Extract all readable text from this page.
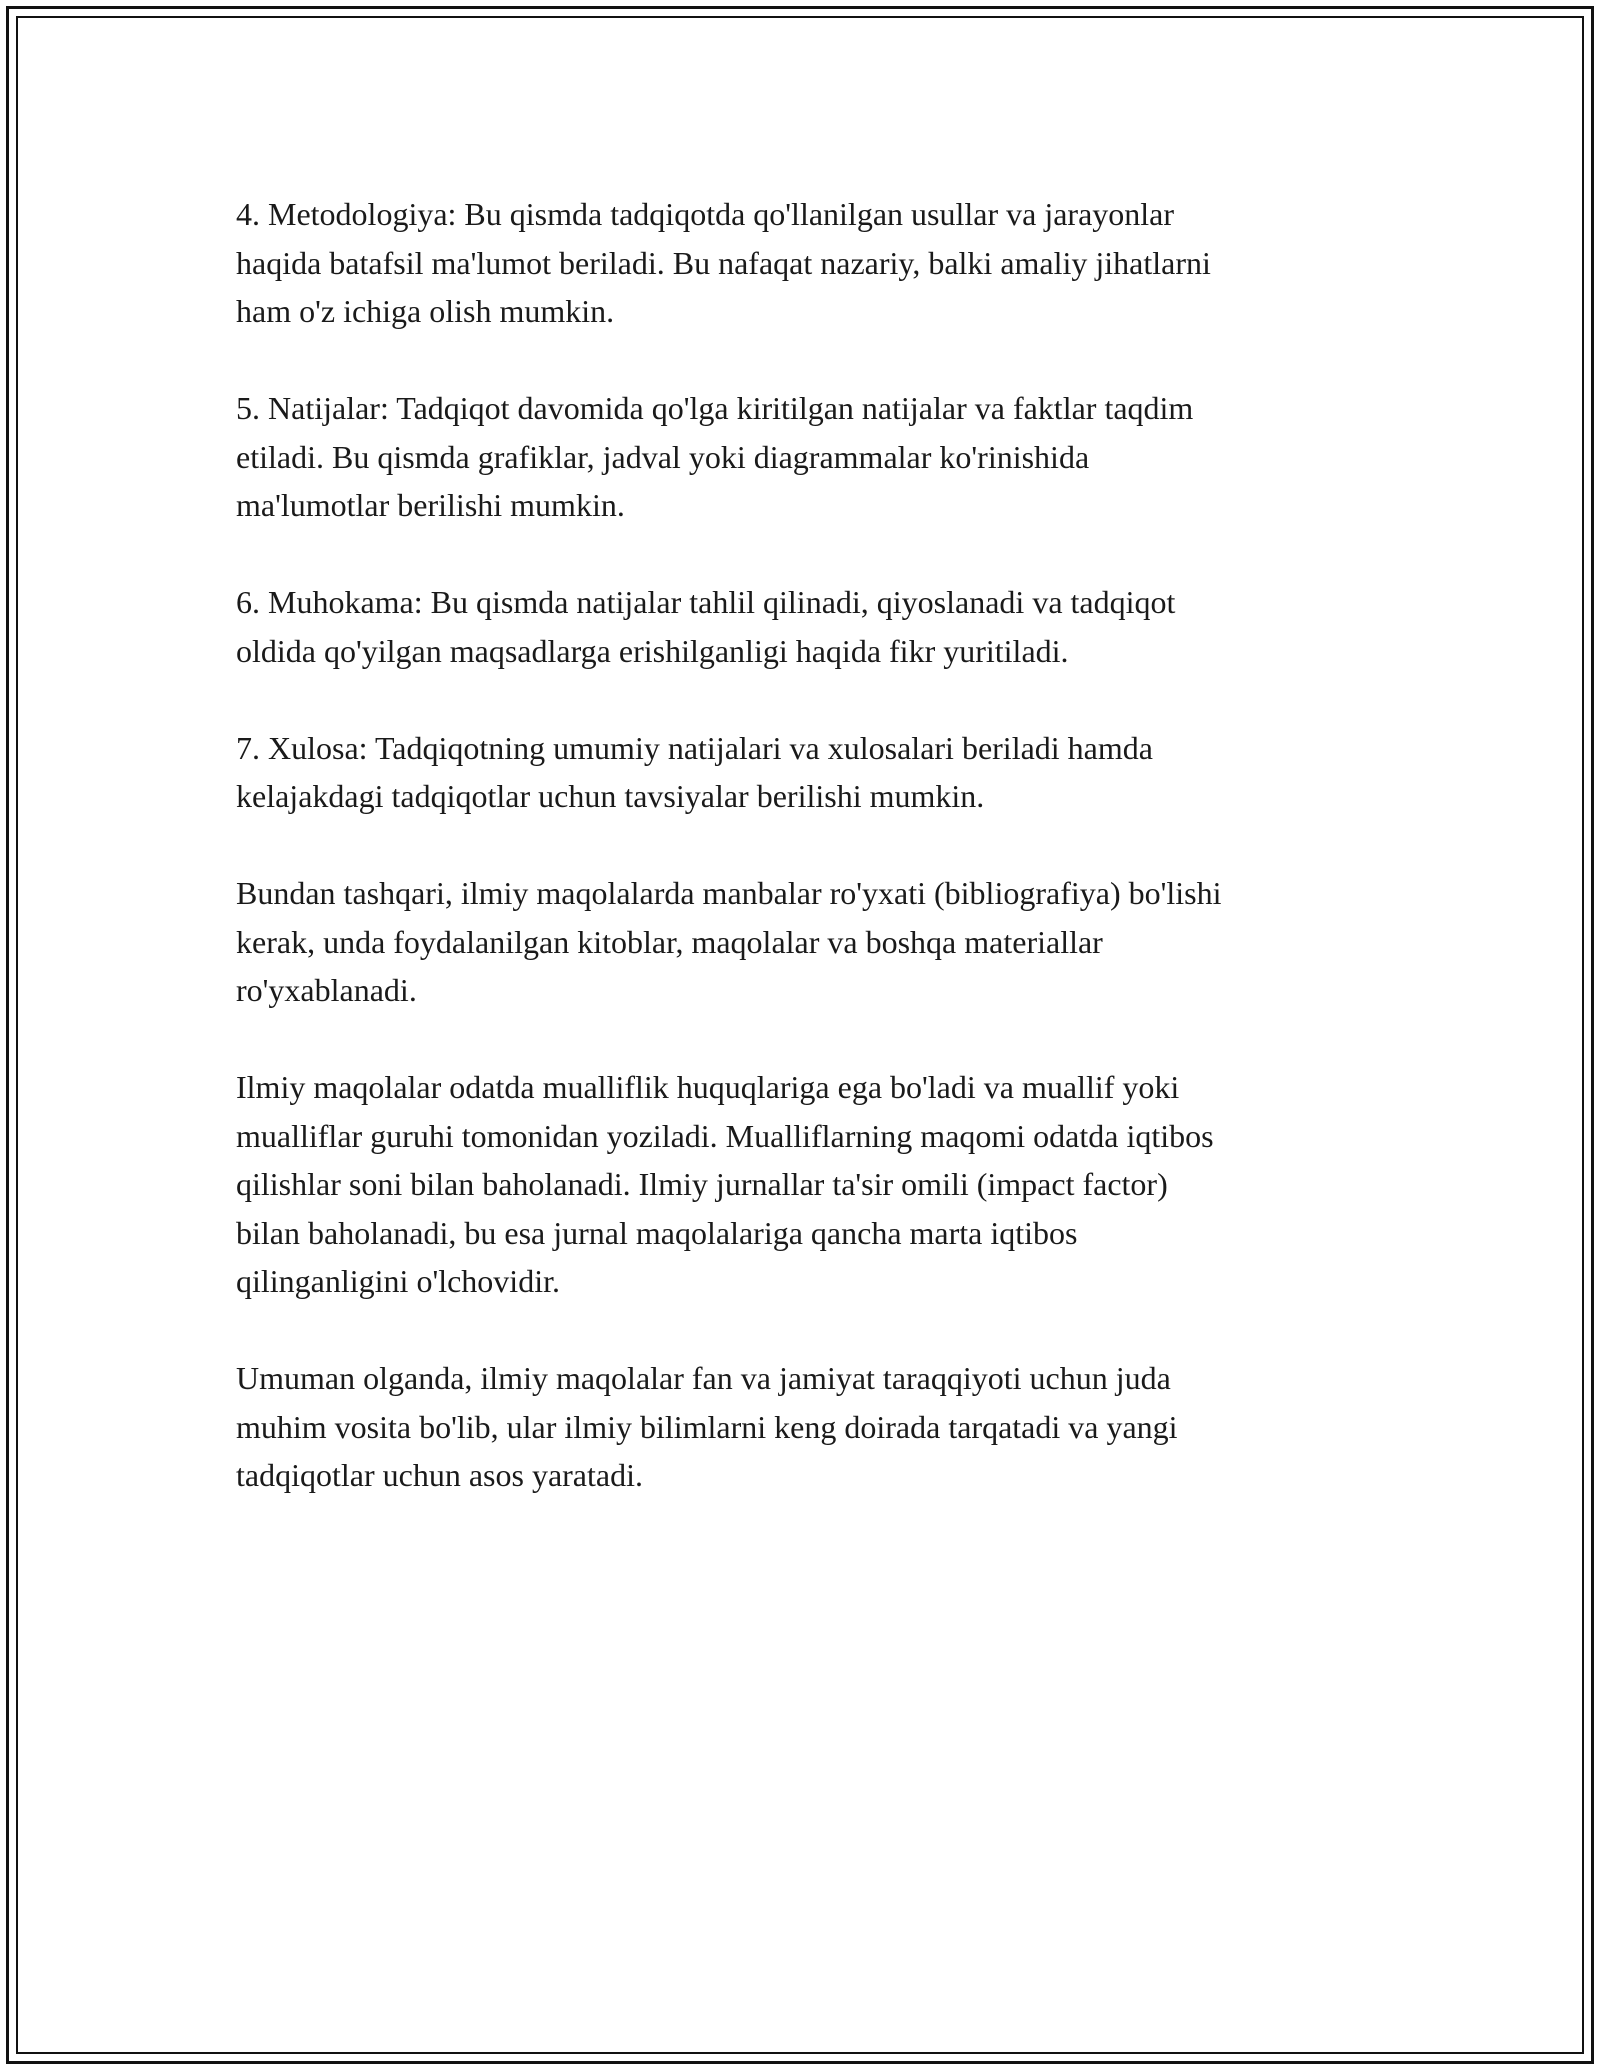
4. Metodologiya: Bu qismda tadqiqotda qo'llanilgan usullar va jarayonlar
haqida batafsil ma'lumot beriladi. Bu nafaqat nazariy, balki amaliy jihatlarni
ham o'z ichiga olish mumkin.

5. Natijalar: Tadqiqot davomida qo'lga kiritilgan natijalar va faktlar taqdim
etiladi. Bu qismda grafiklar, jadval yoki diagrammalar ko'rinishida
ma'lumotlar berilishi mumkin.

6. Muhokama: Bu qismda natijalar tahlil qilinadi, qiyoslanadi va tadqiqot
oldida qo'yilgan maqsadlarga erishilganligi haqida fikr yuritiladi.

7. Xulosa: Tadqiqotning umumiy natijalari va xulosalari beriladi hamda
kelajakdagi tadqiqotlar uchun tavsiyalar berilishi mumkin.

Bundan tashqari, ilmiy maqolalarda manbalar ro'yxati (bibliografiya) bo'lishi
kerak, unda foydalanilgan kitoblar, maqolalar va boshqa materiallar
ro'yxablanadi.

Ilmiy maqolalar odatda mualliflik huquqlariga ega bo'ladi va muallif yoki
mualliflar guruhi tomonidan yoziladi. Mualliflarning maqomi odatda iqtibos
qilishlar soni bilan baholanadi. Ilmiy jurnallar ta'sir omili (impact factor)
bilan baholanadi, bu esa jurnal maqolalariga qancha marta iqtibos
qilinganligini o'lchovidir.

Umuman olganda, ilmiy maqolalar fan va jamiyat taraqqiyoti uchun juda
muhim vosita bo'lib, ular ilmiy bilimlarni keng doirada tarqatadi va yangi
tadqiqotlar uchun asos yaratadi.
